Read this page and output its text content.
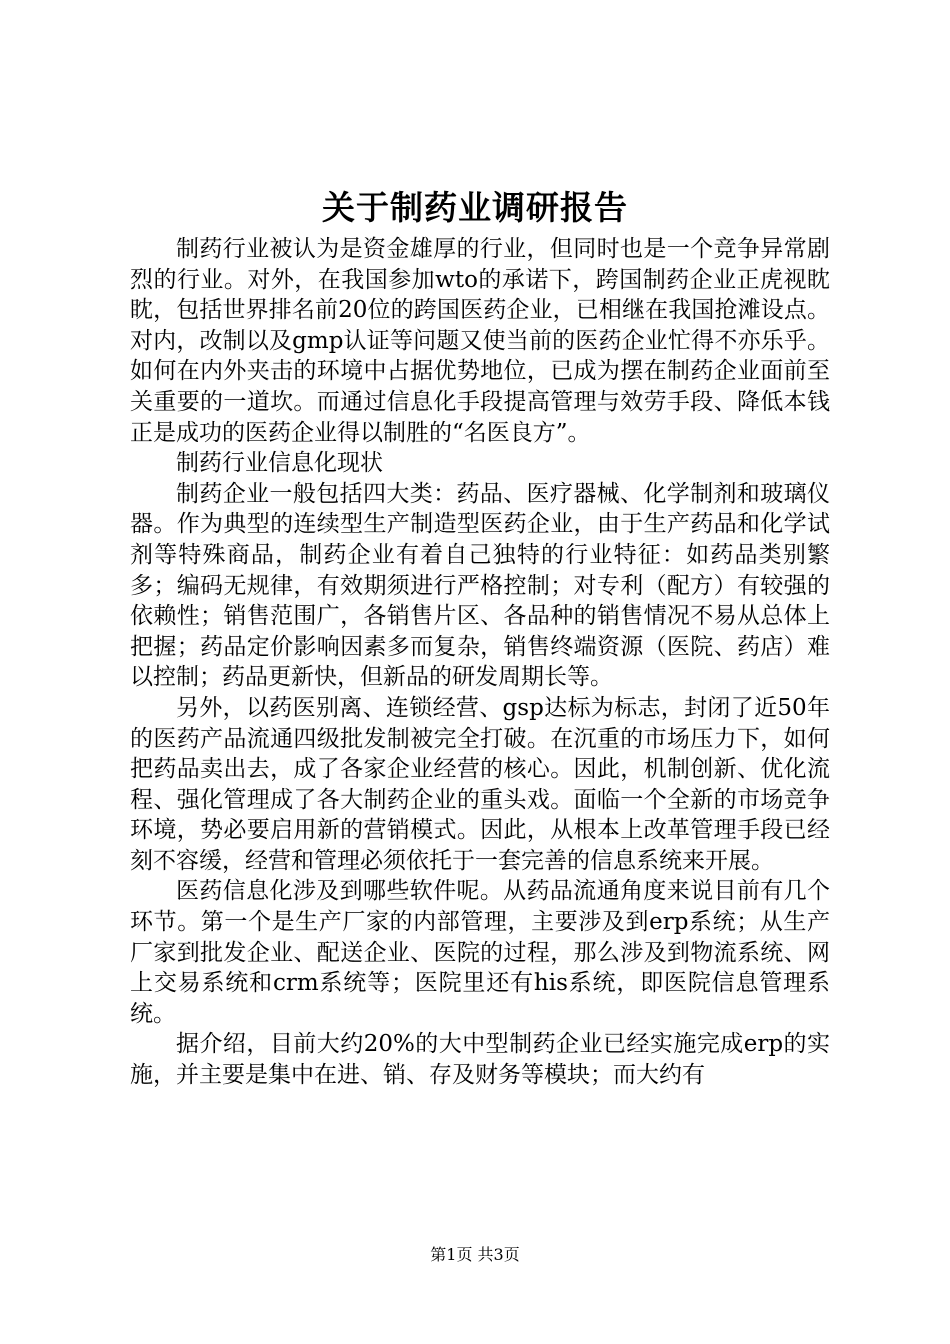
关于制药业调研报告

制药行业被认为是资金雄厚的行业，但同时也是一个竞争异常剧烈的行业。对外，在我国参加wto的承诺下，跨国制药企业正虎视眈眈，包括世界排名前20位的跨国医药企业，已相继在我国抢滩设点。对内，改制以及gmp认证等问题又使当前的医药企业忙得不亦乐乎。如何在内外夹击的环境中占据优势地位，已成为摆在制药企业面前至关重要的一道坎。而通过信息化手段提高管理与效劳手段、降低本钱正是成功的医药企业得以制胜的“名医良方”。

制药行业信息化现状

制药企业一般包括四大类：药品、医疗器械、化学制剂和玻璃仪器。作为典型的连续型生产制造型医药企业，由于生产药品和化学试剂等特殊商品，制药企业有着自己独特的行业特征：如药品类别繁多；编码无规律，有效期须进行严格控制；对专利（配方）有较强的依赖性；销售范围广，各销售片区、各品种的销售情况不易从总体上把握；药品定价影响因素多而复杂，销售终端资源（医院、药店）难以控制；药品更新快，但新品的研发周期长等。

另外，以药医别离、连锁经营、gsp达标为标志，封闭了近50年的医药产品流通四级批发制被完全打破。在沉重的市场压力下，如何把药品卖出去，成了各家企业经营的核心。因此，机制创新、优化流程、强化管理成了各大制药企业的重头戏。面临一个全新的市场竞争环境，势必要启用新的营销模式。因此，从根本上改革管理手段已经刻不容缓，经营和管理必须依托于一套完善的信息系统来开展。

医药信息化涉及到哪些软件呢。从药品流通角度来说目前有几个环节。第一个是生产厂家的内部管理，主要涉及到erp系统；从生产厂家到批发企业、配送企业、医院的过程，那么涉及到物流系统、网上交易系统和crm系统等；医院里还有his系统，即医院信息管理系统。

据介绍，目前大约20%的大中型制药企业已经实施完成erp的实施，并主要是集中在进、销、存及财务等模块；而大约有

第1页 共3页
